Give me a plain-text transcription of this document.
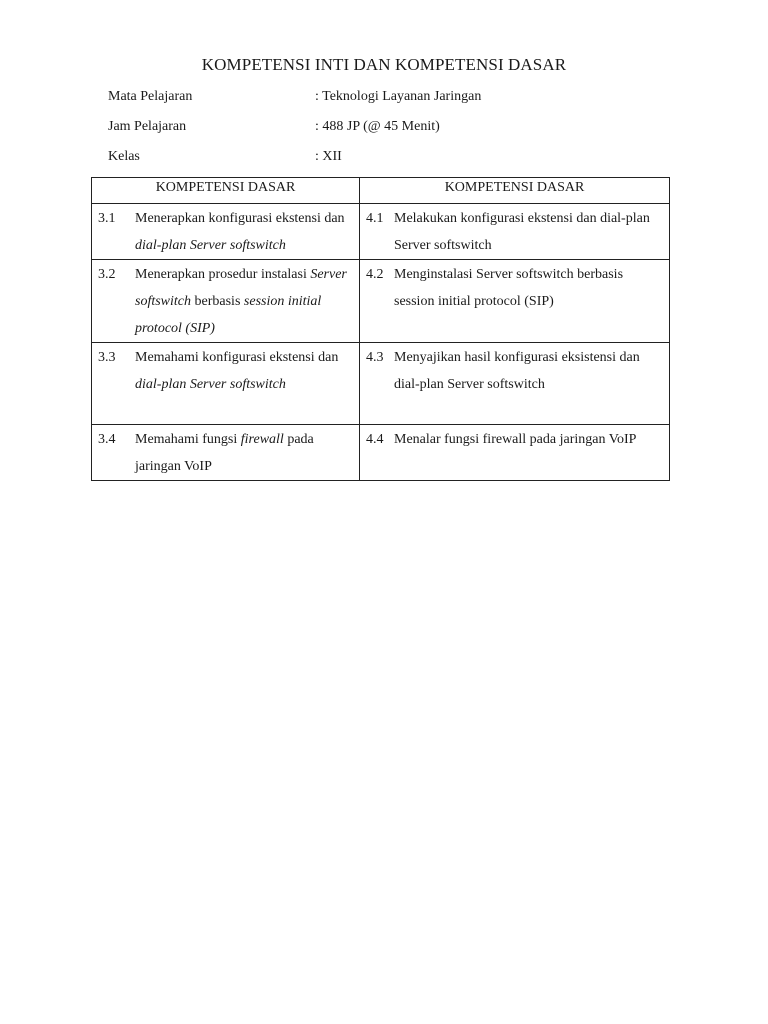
KOMPETENSI INTI DAN KOMPETENSI DASAR
Mata Pelajaran	: Teknologi Layanan Jaringan
Jam Pelajaran	: 488 JP (@ 45 Menit)
Kelas	: XII
KOMPETENSI DASAR	KOMPETENSI DASAR

3.1 Menerapkan konfigurasi ekstensi dan dial-plan Server softswitch	4.1 Melakukan konfigurasi ekstensi dan dial-plan Server softswitch

3.2 Menerapkan prosedur instalasi Server softswitch berbasis session initial protocol (SIP)	4.2 Menginstalasi Server softswitch berbasis session initial protocol (SIP)

3.3 Memahami konfigurasi ekstensi dan dial-plan Server softswitch	4.3 Menyajikan hasil konfigurasi eksistensi dan dial-plan Server softswitch

3.4 Memahami fungsi firewall pada jaringan VoIP	4.4 Menalar fungsi firewall pada jaringan VoIP
